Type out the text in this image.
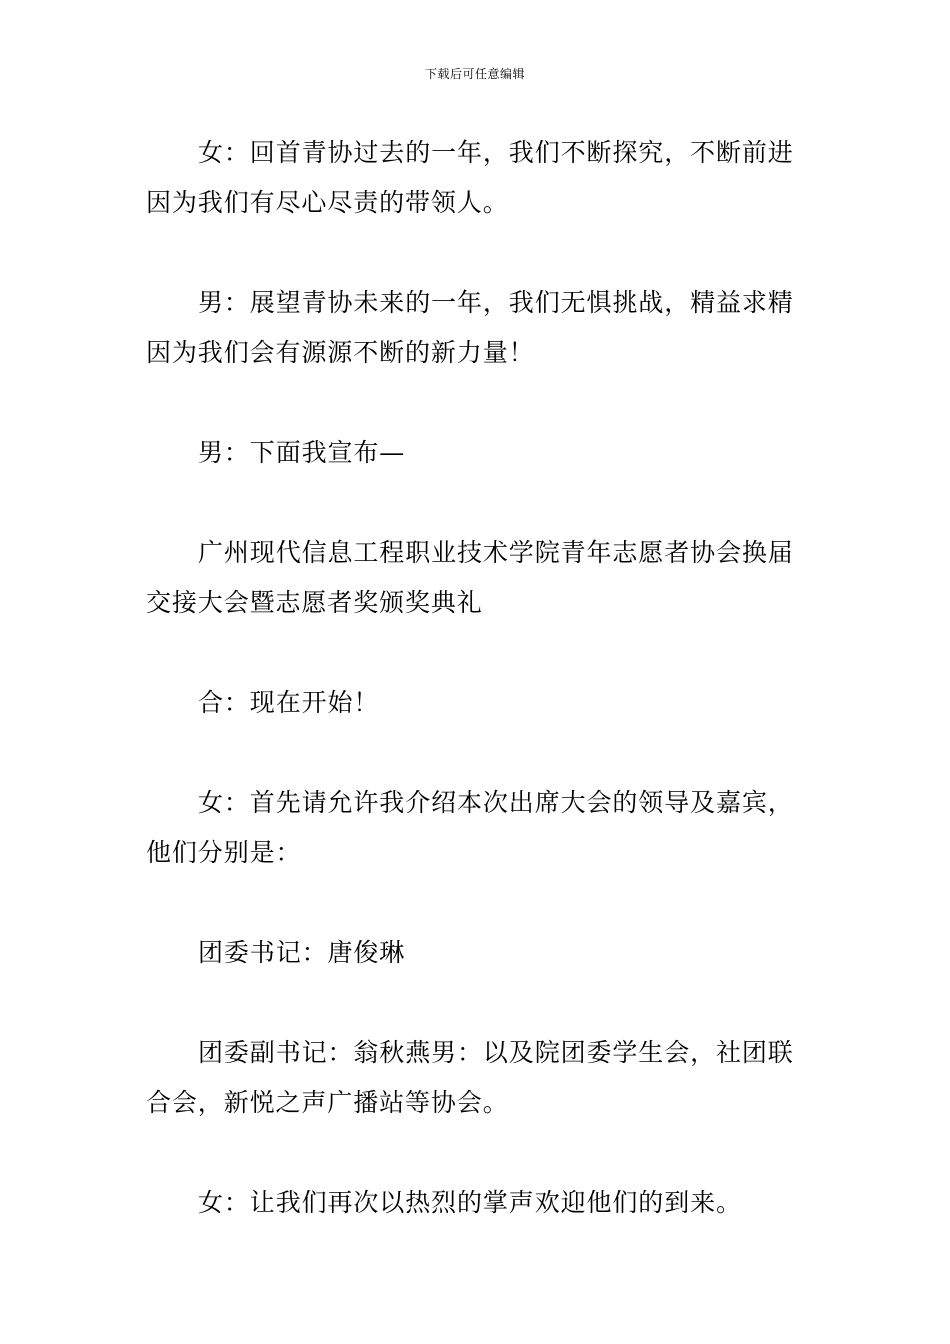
下载后可任意编辑

女：回首青协过去的一年，我们不断探究，不断前进
因为我们有尽心尽责的带领人。

男：展望青协未来的一年，我们无惧挑战，精益求精
因为我们会有源源不断的新力量！

男：下面我宣布—

广州现代信息工程职业技术学院青年志愿者协会换届
交接大会暨志愿者奖颁奖典礼

合：现在开始！

女：首先请允许我介绍本次出席大会的领导及嘉宾，
他们分别是：

团委书记：唐俊琳

团委副书记：翁秋燕男：以及院团委学生会，社团联
合会，新悦之声广播站等协会。

女：让我们再次以热烈的掌声欢迎他们的到来。
